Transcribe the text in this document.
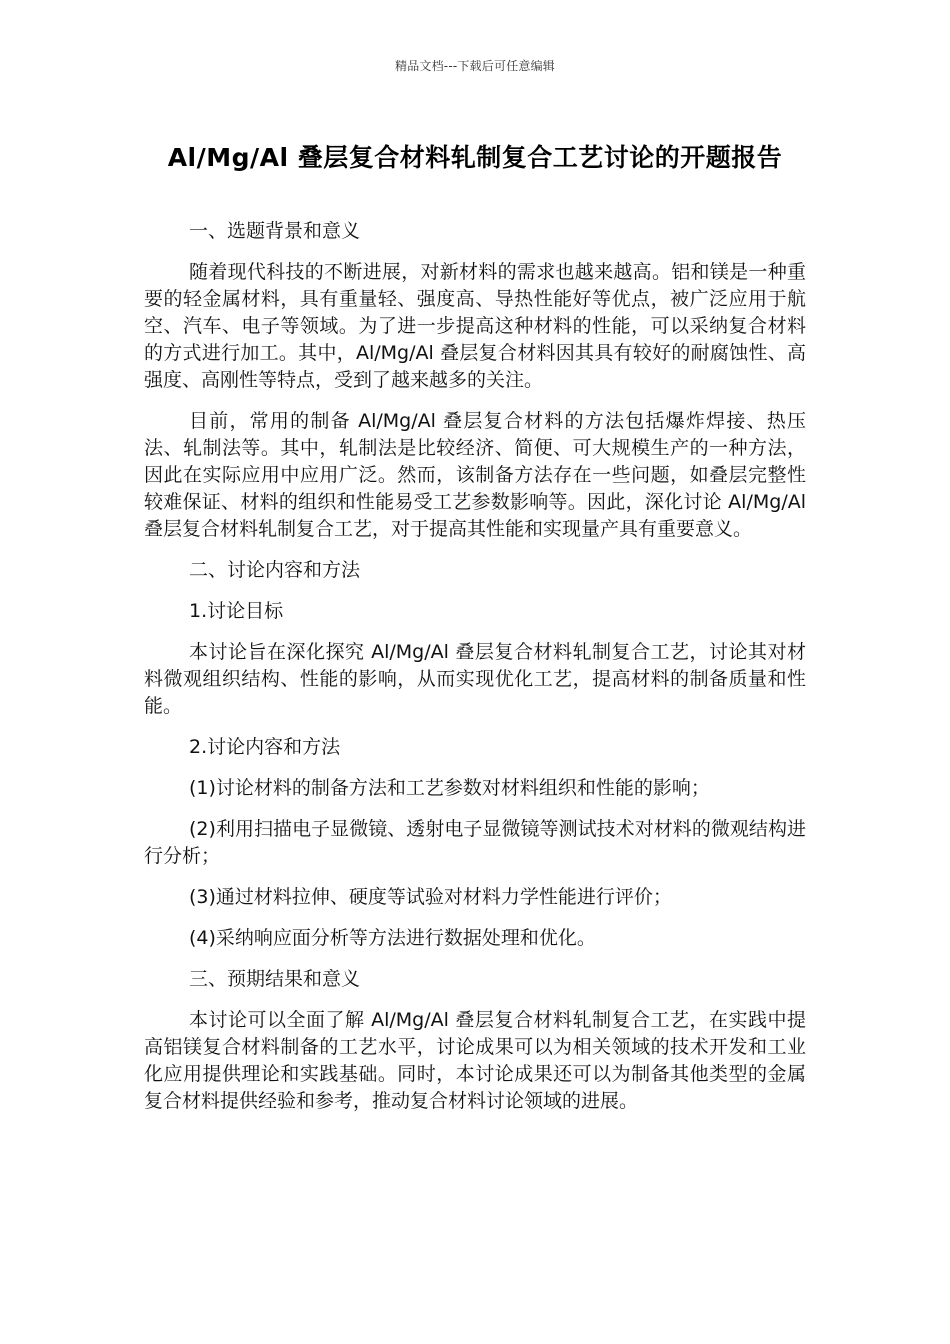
精品文档---下载后可任意编辑
Al/Mg/Al 叠层复合材料轧制复合工艺讨论的开题报告

一、选题背景和意义

随着现代科技的不断进展，对新材料的需求也越来越高。铝和镁是一种重要的轻金属材料，具有重量轻、强度高、导热性能好等优点，被广泛应用于航空、汽车、电子等领域。为了进一步提高这种材料的性能，可以采纳复合材料的方式进行加工。其中，Al/Mg/Al 叠层复合材料因其具有较好的耐腐蚀性、高强度、高刚性等特点，受到了越来越多的关注。

目前，常用的制备 Al/Mg/Al 叠层复合材料的方法包括爆炸焊接、热压法、轧制法等。其中，轧制法是比较经济、简便、可大规模生产的一种方法，因此在实际应用中应用广泛。然而，该制备方法存在一些问题，如叠层完整性较难保证、材料的组织和性能易受工艺参数影响等。因此，深化讨论 Al/Mg/Al 叠层复合材料轧制复合工艺，对于提高其性能和实现量产具有重要意义。

二、讨论内容和方法

1.讨论目标

本讨论旨在深化探究 Al/Mg/Al 叠层复合材料轧制复合工艺，讨论其对材料微观组织结构、性能的影响，从而实现优化工艺，提高材料的制备质量和性能。

2.讨论内容和方法

(1)讨论材料的制备方法和工艺参数对材料组织和性能的影响；

(2)利用扫描电子显微镜、透射电子显微镜等测试技术对材料的微观结构进行分析；

(3)通过材料拉伸、硬度等试验对材料力学性能进行评价；

(4)采纳响应面分析等方法进行数据处理和优化。

三、预期结果和意义

本讨论可以全面了解 Al/Mg/Al 叠层复合材料轧制复合工艺，在实践中提高铝镁复合材料制备的工艺水平，讨论成果可以为相关领域的技术开发和工业化应用提供理论和实践基础。同时，本讨论成果还可以为制备其他类型的金属复合材料提供经验和参考，推动复合材料讨论领域的进展。
